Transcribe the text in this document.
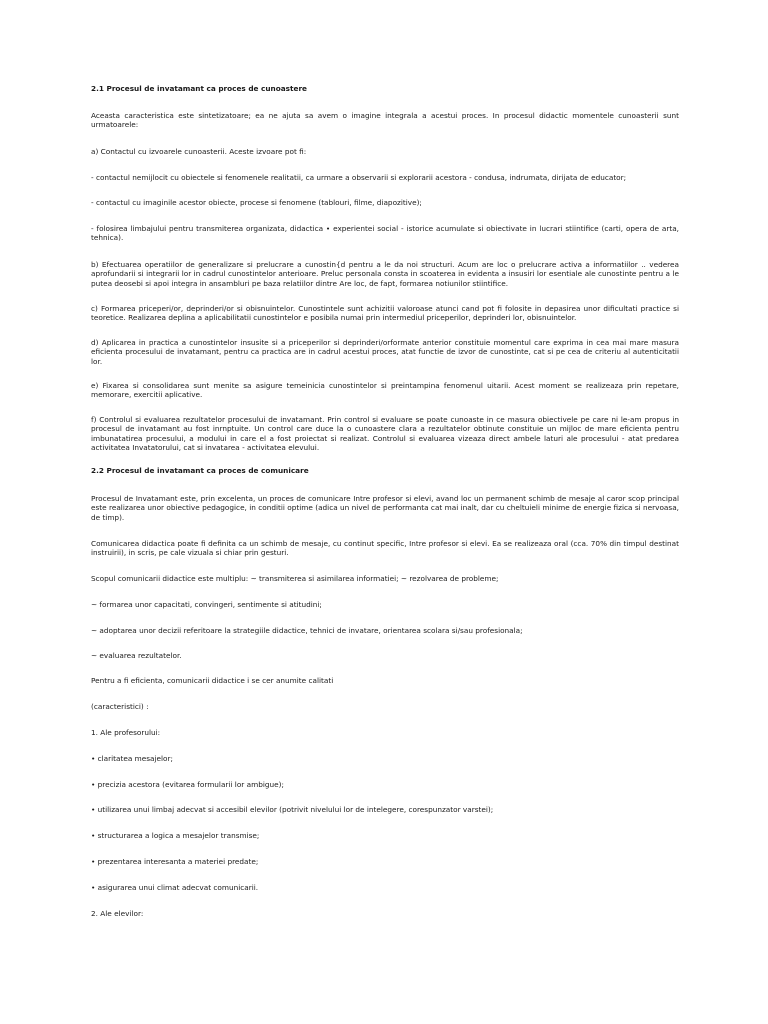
2.1 Procesul de invatamant ca proces de cunoastere

Aceasta caracteristica este sintetizatoare; ea ne ajuta sa avem o imagine integrala a acestui proces. In procesul didactic momentele cunoasterii sunt urmatoarele:

a) Contactul cu izvoarele cunoasterii. Aceste izvoare pot fi:

- contactul nemijlocit cu obiectele si fenomenele realitatii, ca urmare a observarii si explorarii acestora - condusa, indrumata, dirijata de educator;

- contactul cu imaginile acestor obiecte, procese si fenomene (tablouri, filme, diapozitive);

- folosirea limbajului pentru transmiterea organizata, didactica • experientei social - istorice acumulate si obiectivate in lucrari stiintifice (carti, opera de arta, tehnica).

b) Efectuarea operatiilor de generalizare si prelucrare a cunostin{d pentru a le da noi structuri. Acum are loc o prelucrare activa a informatiilor .. vederea aprofundarii si integrarii lor in cadrul cunostintelor anterioare. Preluc personala consta in scoaterea in evidenta a insusiri lor esentiale ale cunostinte pentru a le putea deosebi si apoi integra in ansambluri pe baza relatiilor dintre Are loc, de fapt, formarea notiunilor stiintifice.

c) Formarea priceperi/or, deprinderi/or si obisnuintelor. Cunostintele sunt achizitii valoroase atunci cand pot fi folosite in depasirea unor dificultati practice si teoretice. Realizarea deplina a aplicabilitatii cunostintelor e posibila numai prin intermediul priceperilor, deprinderi lor, obisnuintelor.

d) Aplicarea in practica a cunostintelor insusite si a priceperilor si deprinderi/orformate anterior constituie momentul care exprima in cea mai mare masura eficienta procesului de invatamant, pentru ca practica are in cadrul acestui proces, atat functie de izvor de cunostinte, cat si pe cea de criteriu al autenticitatii lor.

e) Fixarea si consolidarea sunt menite sa asigure temeinicia cunostintelor si preintampina fenomenul uitarii. Acest moment se realizeaza prin repetare, memorare, exercitii aplicative.

f) Controlul si evaluarea rezultatelor procesului de invatamant. Prin control si evaluare se poate cunoaste in ce masura obiectivele pe care ni le-am propus in procesul de invatamant au fost inrnptuite. Un control care duce la o cunoastere clara a rezultatelor obtinute constituie un mijloc de mare eficienta pentru imbunatatirea procesului, a modului in care el a fost proiectat si realizat. Controlul si evaluarea vizeaza direct ambele laturi ale procesului - atat predarea activitatea Invatatorului, cat si invatarea - activitatea elevului.

2.2 Procesul de invatamant ca proces de comunicare

Procesul de Invatamant este, prin excelenta, un proces de comunicare Intre profesor si elevi, avand loc un permanent schimb de mesaje al caror scop principal este realizarea unor obiective pedagogice, in conditii optime (adica un nivel de performanta cat mai inalt, dar cu cheltuieli minime de energie fizica si nervoasa, de timp).

Comunicarea didactica poate fi definita ca un schimb de mesaje, cu continut specific, Intre profesor si elevi. Ea se realizeaza oral (cca. 70% din timpul destinat instruirii), in scris, pe cale vizuala si chiar prin gesturi.

Scopul comunicarii didactice este multiplu: ~ transmiterea si asimilarea informatiei; ~ rezolvarea de probleme;

~ formarea unor capacitati, convingeri, sentimente si atitudini;

~ adoptarea unor decizii referitoare la strategiile didactice, tehnici de invatare, orientarea scolara si/sau profesionala;

~ evaluarea rezultatelor.

Pentru a fi eficienta, comunicarii didactice i se cer anumite calitati

(caracteristici) :

1. Ale profesorului:

• claritatea mesajelor;

• precizia acestora (evitarea formularii lor ambigue);

• utilizarea unui limbaj adecvat si accesibil elevilor (potrivit nivelului lor de intelegere, corespunzator varstei);

• structurarea a logica a mesajelor transmise;

• prezentarea interesanta a materiei predate;

• asigurarea unui climat adecvat comunicarii.

2. Ale elevilor:
